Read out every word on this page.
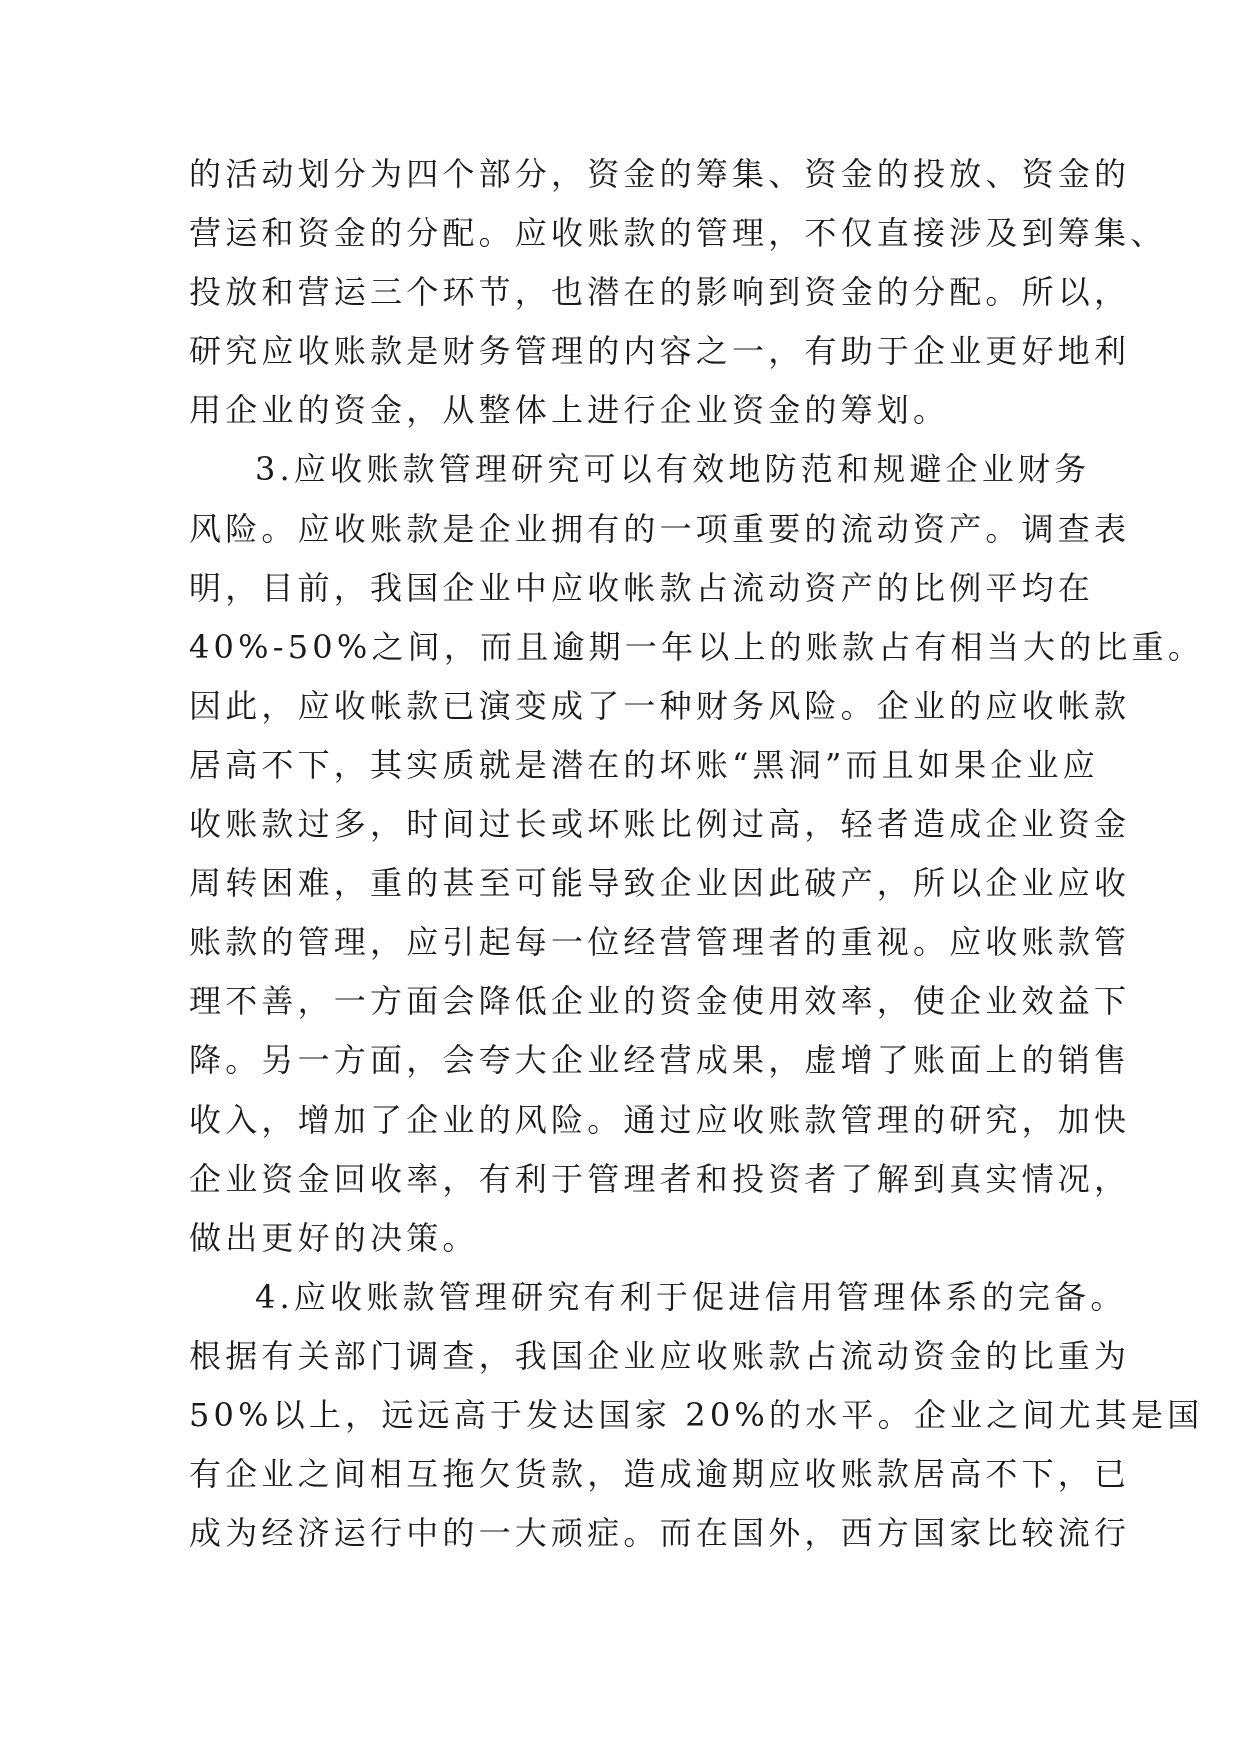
的活动划分为四个部分，资金的筹集、资金的投放、资金的

营运和资金的分配。应收账款的管理，不仅直接涉及到筹集、

投放和营运三个环节，也潜在的影响到资金的分配。所以，

研究应收账款是财务管理的内容之一，有助于企业更好地利

用企业的资金，从整体上进行企业资金的筹划。

3.应收账款管理研究可以有效地防范和规避企业财务

风险。应收账款是企业拥有的一项重要的流动资产。调查表

明，目前，我国企业中应收帐款占流动资产的比例平均在

40%-50%之间，而且逾期一年以上的账款占有相当大的比重。

因此，应收帐款已演变成了一种财务风险。企业的应收帐款

居高不下，其实质就是潜在的坏账“黑洞”而且如果企业应

收账款过多，时间过长或坏账比例过高，轻者造成企业资金

周转困难，重的甚至可能导致企业因此破产，所以企业应收

账款的管理，应引起每一位经营管理者的重视。应收账款管

理不善，一方面会降低企业的资金使用效率，使企业效益下

降。另一方面，会夸大企业经营成果，虚增了账面上的销售

收入，增加了企业的风险。通过应收账款管理的研究，加快

企业资金回收率，有利于管理者和投资者了解到真实情况，

做出更好的决策。

4.应收账款管理研究有利于促进信用管理体系的完备。

根据有关部门调查，我国企业应收账款占流动资金的比重为

50%以上，远远高于发达国家 20%的水平。企业之间尤其是国

有企业之间相互拖欠货款，造成逾期应收账款居高不下，已

成为经济运行中的一大顽症。而在国外，西方国家比较流行
